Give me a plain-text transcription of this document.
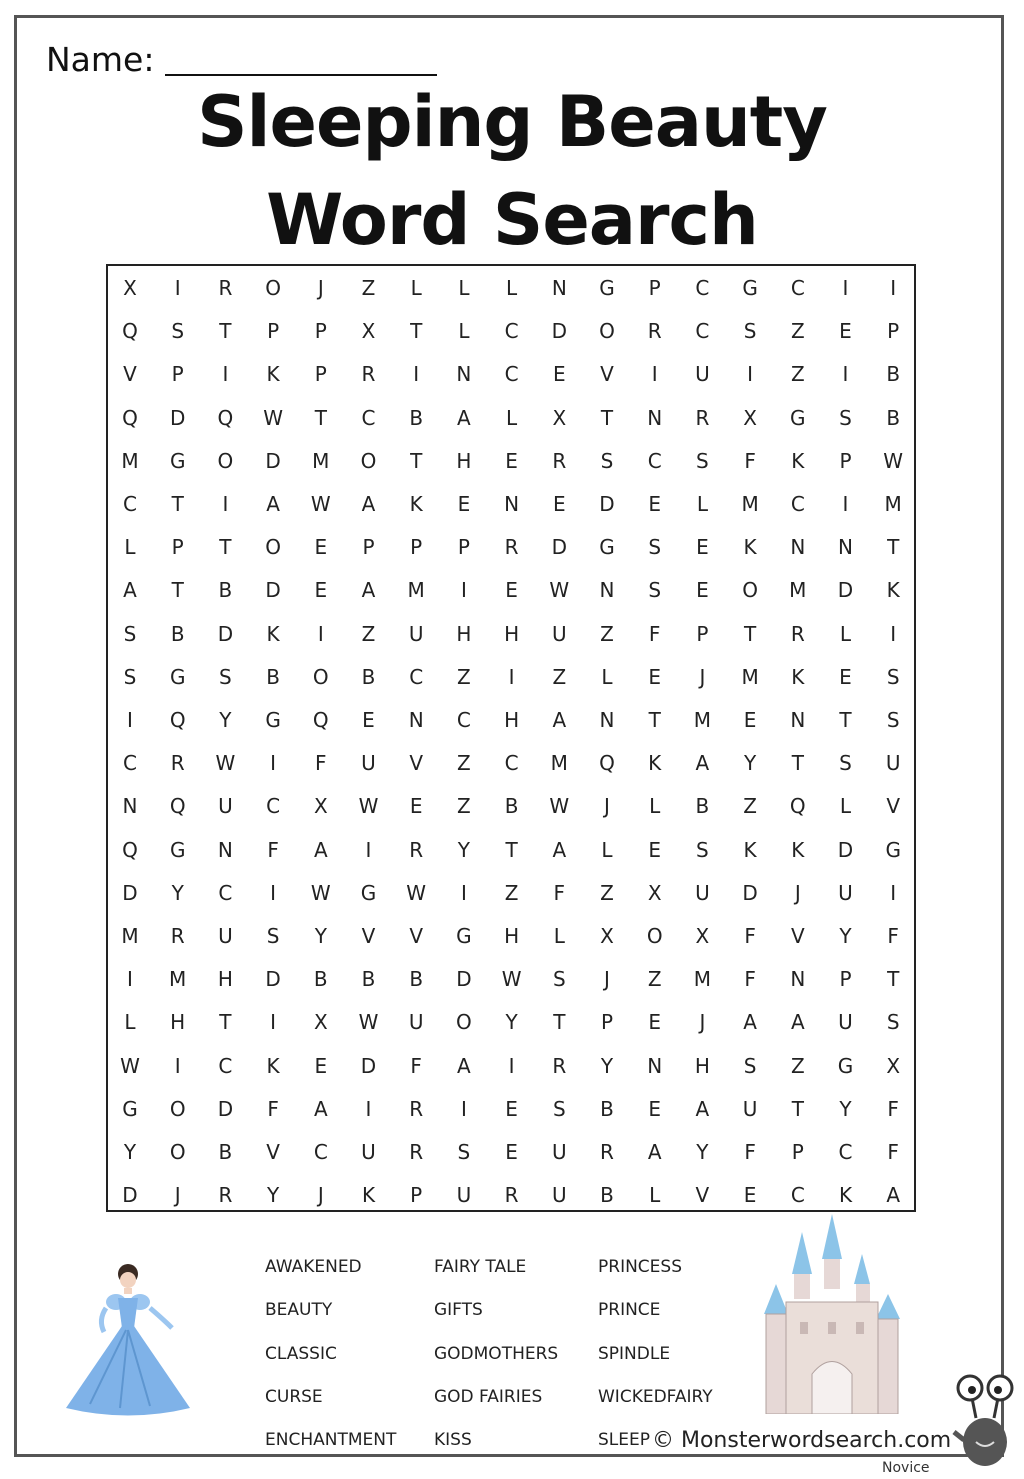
Name:
Sleeping Beauty
Word Search
X	I	R	O	J	Z	L	L	L	N	G	P	C	G	C	I	I
Q	S	T	P	P	X	T	L	C	D	O	R	C	S	Z	E	P
V	P	I	K	P	R	I	N	C	E	V	I	U	I	Z	I	B
Q	D	Q	W	T	C	B	A	L	X	T	N	R	X	G	S	B
M	G	O	D	M	O	T	H	E	R	S	C	S	F	K	P	W
C	T	I	A	W	A	K	E	N	E	D	E	L	M	C	I	M
L	P	T	O	E	P	P	P	R	D	G	S	E	K	N	N	T
A	T	B	D	E	A	M	I	E	W	N	S	E	O	M	D	K
S	B	D	K	I	Z	U	H	H	U	Z	F	P	T	R	L	I
S	G	S	B	O	B	C	Z	I	Z	L	E	J	M	K	E	S
I	Q	Y	G	Q	E	N	C	H	A	N	T	M	E	N	T	S
C	R	W	I	F	U	V	Z	C	M	Q	K	A	Y	T	S	U
N	Q	U	C	X	W	E	Z	B	W	J	L	B	Z	Q	L	V
Q	G	N	F	A	I	R	Y	T	A	L	E	S	K	K	D	G
D	Y	C	I	W	G	W	I	Z	F	Z	X	U	D	J	U	I
M	R	U	S	Y	V	V	G	H	L	X	O	X	F	V	Y	F
I	M	H	D	B	B	B	D	W	S	J	Z	M	F	N	P	T
L	H	T	I	X	W	U	O	Y	T	P	E	J	A	A	U	S
W	I	C	K	E	D	F	A	I	R	Y	N	H	S	Z	G	X
G	O	D	F	A	I	R	I	E	S	B	E	A	U	T	Y	F
Y	O	B	V	C	U	R	S	E	U	R	A	Y	F	P	C	F
D	J	R	Y	J	K	P	U	R	U	B	L	V	E	C	K	A
AWAKENED
BEAUTY
CLASSIC
CURSE
ENCHANTMENT
FAIRY TALE
GIFTS
GODMOTHERS
GOD FAIRIES
KISS
PRINCESS
PRINCE
SPINDLE
WICKEDFAIRY
SLEEP © Monsterwordsearch.com
Novice
